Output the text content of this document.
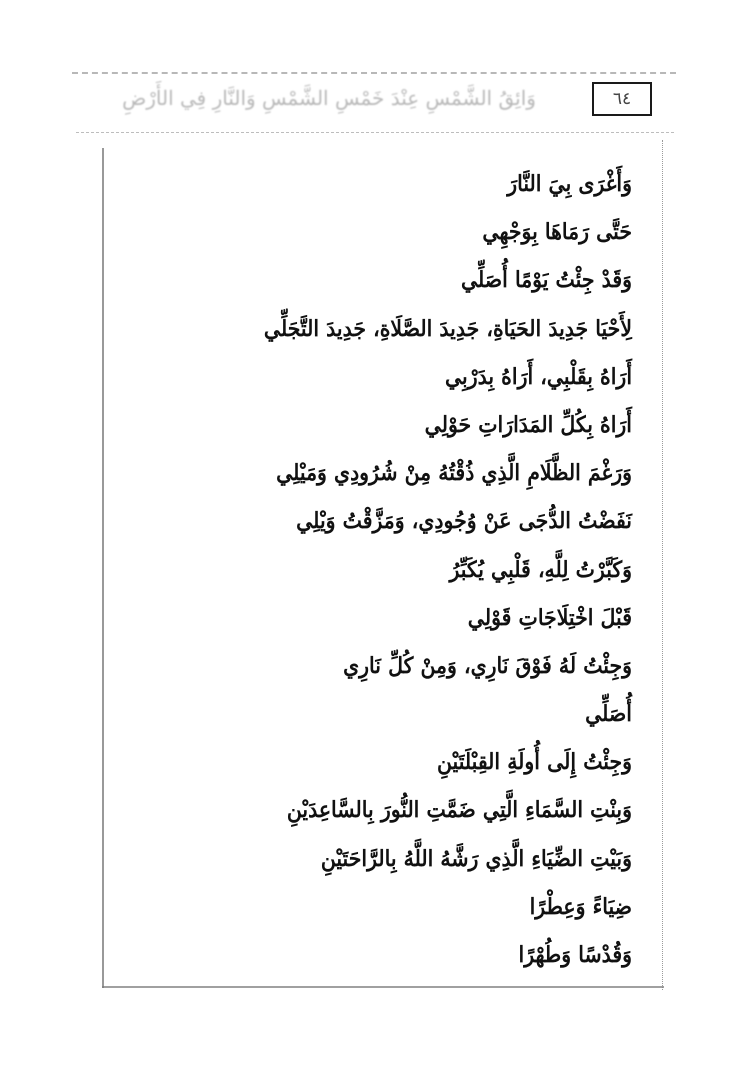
وَائِقُ الشَّمْسِ عِنْدَ خَمْسِ الشَّمْسِ وَالنَّارِ فِي الأَرْضِ	٦٤
وَأَغْرَى بِيَ النَّارَ
حَتَّى رَمَاهَا بِوَجْهِي
وَقَدْ جِئْتُ يَوْمًا أُصَلِّي
لِأَحْيَا جَدِيدَ الحَيَاةِ، جَدِيدَ الصَّلَاةِ، جَدِيدَ التَّجَلِّي
أَرَاهُ بِقَلْبِي، أَرَاهُ بِدَرْبِي
أَرَاهُ بِكُلِّ المَدَارَاتِ حَوْلِي
وَرَغْمَ الظَّلَامِ الَّذِي ذُقْتُهُ مِنْ شُرُودِي وَمَيْلِي
نَفَضْتُ الدُّجَى عَنْ وُجُودِي، وَمَزَّقْتُ وَيْلِي
وَكَبَّرْتُ لِلَّهِ، قَلْبِي يُكَبِّرُ
قَبْلَ اخْتِلَاجَاتِ قَوْلِي
وَجِئْتُ لَهُ فَوْقَ نَارِي، وَمِنْ كُلِّ نَارِي
أُصَلِّي
وَجِئْتُ إِلَى أُولَةِ القِبْلَتَيْنِ
وَبِنْتِ السَّمَاءِ الَّتِي ضَمَّتِ النُّورَ بِالسَّاعِدَيْنِ
وَبَيْتِ الضِّيَاءِ الَّذِي رَشَّهُ اللَّهُ بِالرَّاحَتَيْنِ
ضِيَاءً وَعِطْرًا
وَقُدْسًا وَطُهْرًا
